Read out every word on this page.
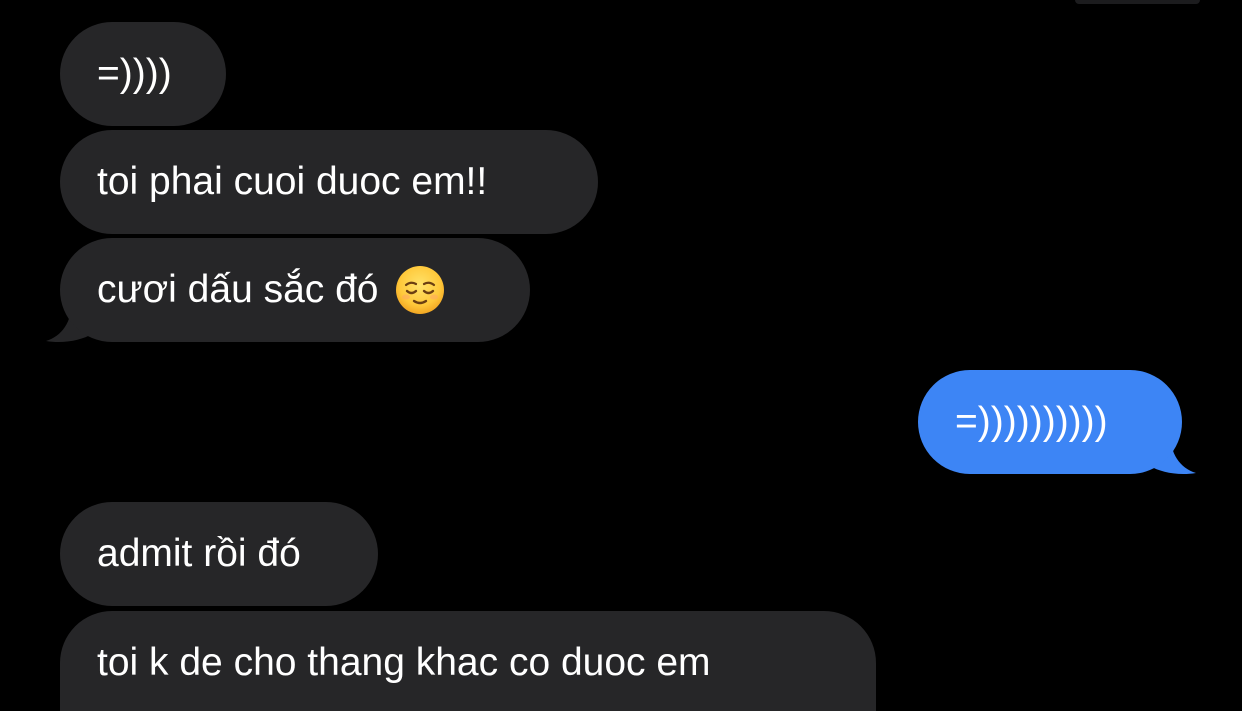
=))))
toi phai cuoi duoc em!!
cươi dấu sắc đó
=))))))))))
admit rồi đó
toi k de cho thang khac co duoc em
